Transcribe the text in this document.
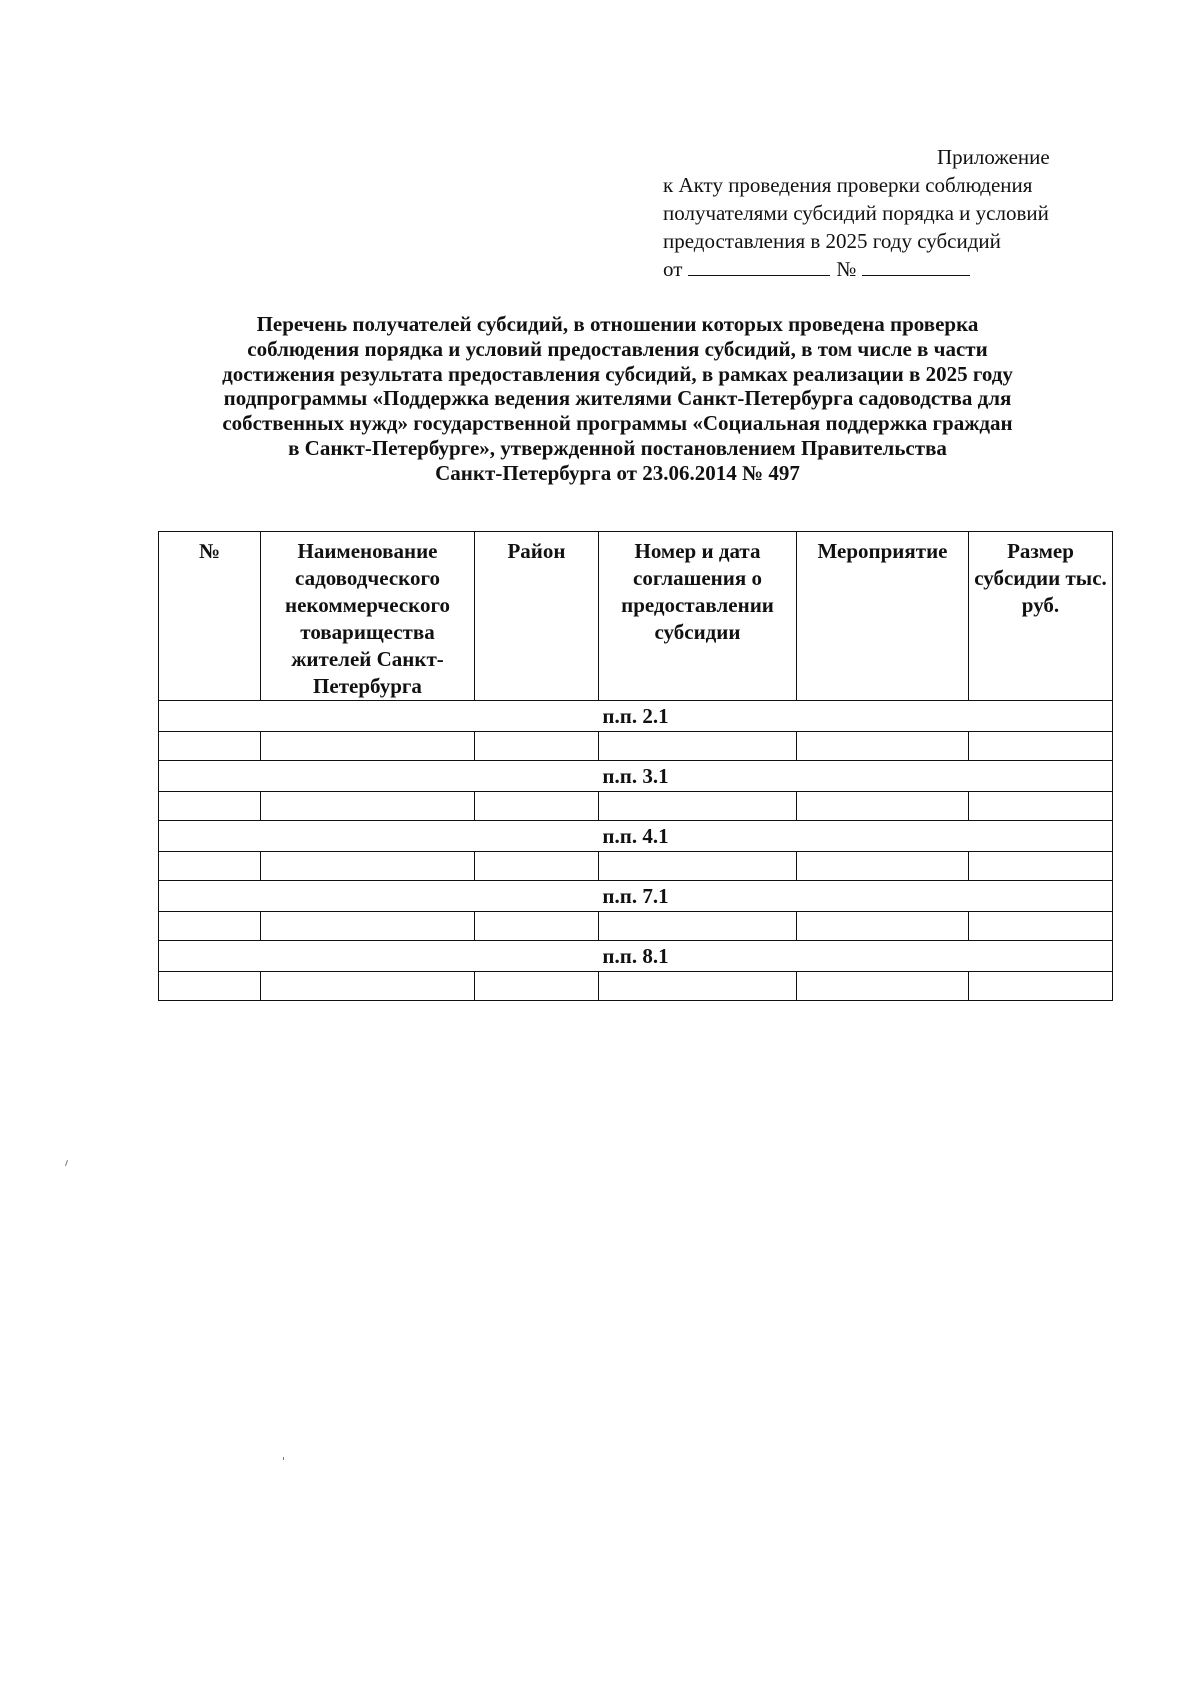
Приложение
к Акту проведения проверки соблюдения
получателями субсидий порядка и условий
предоставления в 2025 году субсидий
от	№
Перечень получателей субсидий, в отношении которых проведена проверка
соблюдения порядка и условий предоставления субсидий, в том числе в части
достижения результата предоставления субсидий, в рамках реализации в 2025 году
подпрограммы «Поддержка ведения жителями Санкт-Петербурга садоводства для
собственных нужд» государственной программы «Социальная поддержка граждан
в Санкт-Петербурге», утвержденной постановлением Правительства
Санкт-Петербурга от 23.06.2014 № 497
№	Наименование садоводческого некоммерческого товарищества жителей Санкт-Петербурга	Район	Номер и дата соглашения о предоставлении субсидии	Мероприятие	Размер субсидии тыс. руб.
п.п. 2.1					

п.п. 3.1					

п.п. 4.1					

п.п. 7.1					

п.п. 8.1					
